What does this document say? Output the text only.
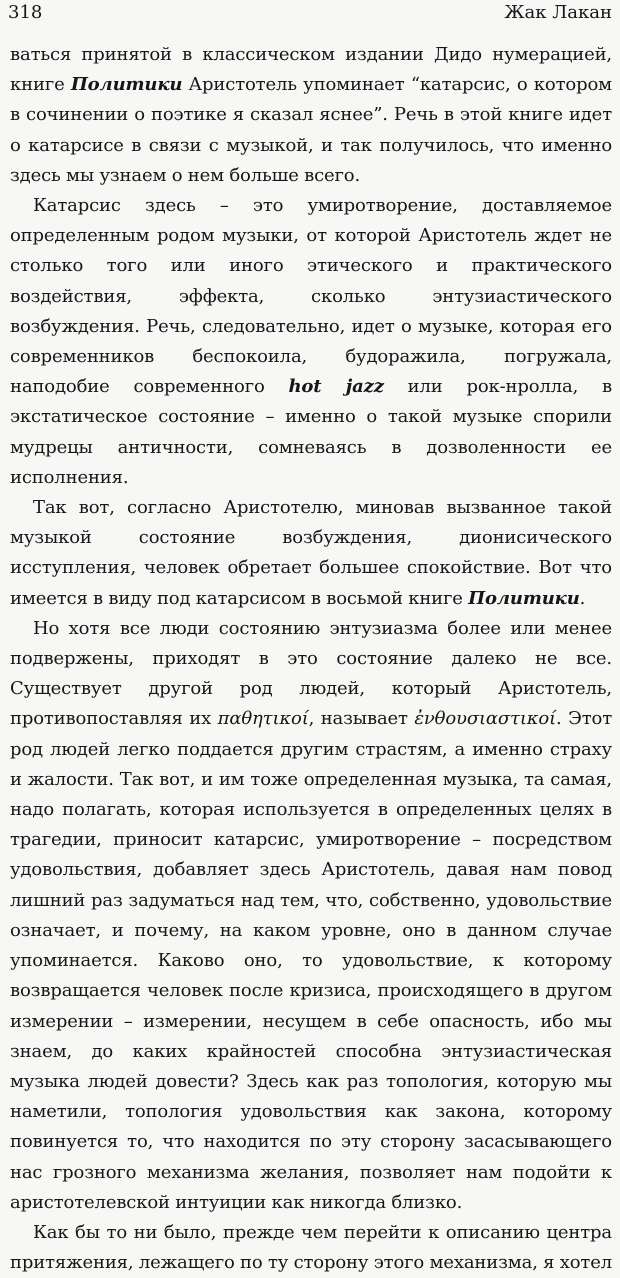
318	Жак Лакан

ваться принятой в классическом издании Дидо нумерацией, книге Политики Аристотель упоминает “катарсис, о котором в сочинении о поэтике я сказал яснее”. Речь в этой книге идет о катарсисе в связи с музыкой, и так получилось, что именно здесь мы узнаем о нем больше всего.

Катарсис здесь – это умиротворение, доставляемое определенным родом музыки, от которой Аристотель ждет не столько того или иного этического и практического воздействия, эффекта, сколько энтузиастического возбуждения. Речь, следовательно, идет о музыке, которая его современников беспокоила, будоражила, погружала, наподобие современного hot jazz или рок-нролла, в экстатическое состояние – именно о такой музыке спорили мудрецы античности, сомневаясь в дозволенности ее исполнения.

Так вот, согласно Аристотелю, миновав вызванное такой музыкой состояние возбуждения, дионисического исступления, человек обретает большее спокойствие. Вот что имеется в виду под катарсисом в восьмой книге Политики.

Но хотя все люди состоянию энтузиазма более или менее подвержены, приходят в это состояние далеко не все. Существует другой род людей, который Аристотель, противопоставляя их παθητικοί, называет ἐνθουσιαστικοί. Этот род людей легко поддается другим страстям, а именно страху и жалости. Так вот, и им тоже определенная музыка, та самая, надо полагать, которая используется в определенных целях в трагедии, приносит катарсис, умиротворение – посредством удовольствия, добавляет здесь Аристотель, давая нам повод лишний раз задуматься над тем, что, собственно, удовольствие означает, и почему, на каком уровне, оно в данном случае упоминается. Каково оно, то удовольствие, к которому возвращается человек после кризиса, происходящего в другом измерении – измерении, несущем в себе опасность, ибо мы знаем, до каких крайностей способна энтузиастическая музыка людей довести? Здесь как раз топология, которую мы наметили, топология удовольствия как закона, которому повинуется то, что находится по эту сторону засасывающего нас грозного механизма желания, позволяет нам подойти к аристотелевской интуиции как никогда близко.

Как бы то ни было, прежде чем перейти к описанию центра притяжения, лежащего по ту сторону этого механизма, я хотел
